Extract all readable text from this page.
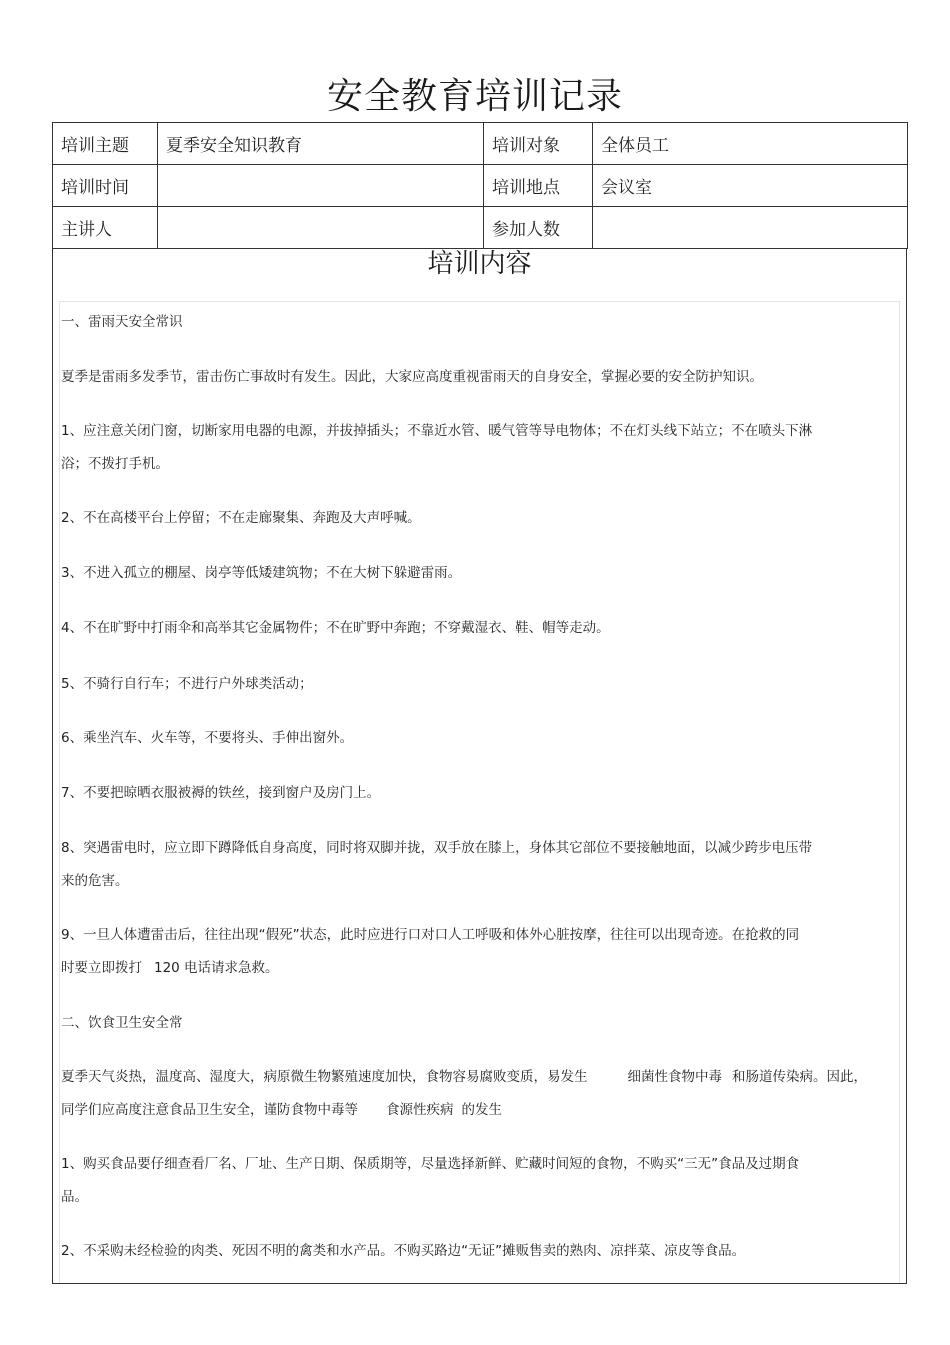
安全教育培训记录
培训主题	夏季安全知识教育	培训对象	全体员工
培训时间		培训地点	会议室
主讲人		参加人数	
培训内容
一、雷雨天安全常识
夏季是雷雨多发季节，雷击伤亡事故时有发生。因此，大家应高度重视雷雨天的自身安全，掌握必要的安全防护知识。
1、应注意关闭门窗，切断家用电器的电源，并拔掉插头；不靠近水管、暖气管等导电物体；不在灯头线下站立；不在喷头下淋
浴；不拨打手机。
2、不在高楼平台上停留；不在走廊聚集、奔跑及大声呼喊。
3、不进入孤立的棚屋、岗亭等低矮建筑物；不在大树下躲避雷雨。
4、不在旷野中打雨伞和高举其它金属物件；不在旷野中奔跑；不穿戴湿衣、鞋、帽等走动。
5、不骑行自行车；不进行户外球类活动；
6、乘坐汽车、火车等，不要将头、手伸出窗外。
7、不要把晾晒衣服被褥的铁丝，接到窗户及房门上。
8、突遇雷电时，应立即下蹲降低自身高度，同时将双脚并拢，双手放在膝上，身体其它部位不要接触地面，以减少跨步电压带
来的危害。
9、一旦人体遭雷击后，往往出现“假死”状态，此时应进行口对口人工呼吸和体外心脏按摩，往往可以出现奇迹。在抢救的同
时要立即拨打 120 电话请求急救。
二、饮食卫生安全常
夏季天气炎热，温度高、湿度大，病原微生物繁殖速度加快，食物容易腐败变质，易发生	细菌性食物中毒 和肠道传染病。因此，
同学们应高度注意食品卫生安全，谨防食物中毒等 食源性疾病 的发生
1、购买食品要仔细查看厂名、厂址、生产日期、保质期等，尽量选择新鲜、贮藏时间短的食物，不购买“三无”食品及过期食
品。
2、不采购未经检验的肉类、死因不明的禽类和水产品。不购买路边“无证”摊贩售卖的熟肉、凉拌菜、凉皮等食品。
